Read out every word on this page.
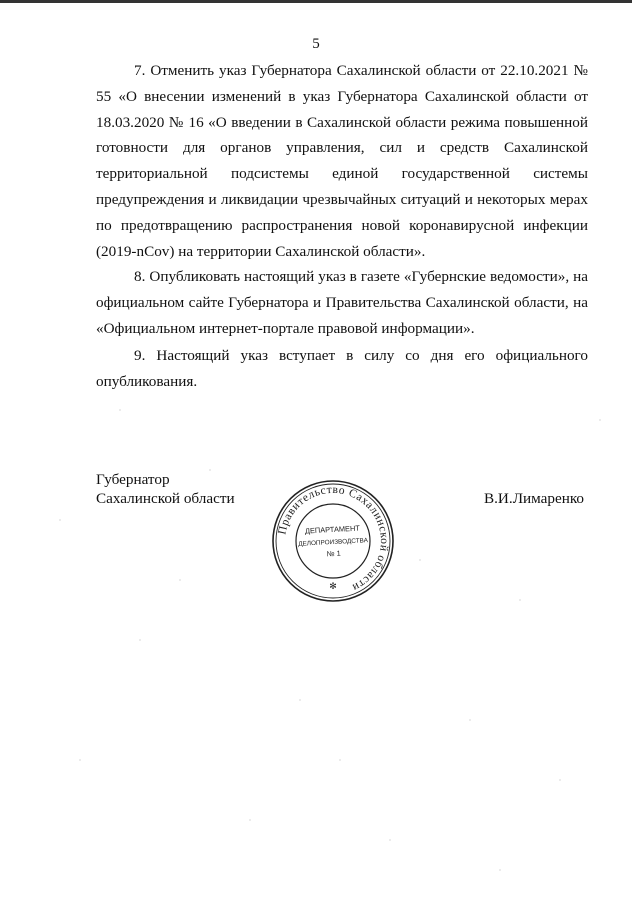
5

7. Отменить указ Губернатора Сахалинской области от 22.10.2021 № 55 «О внесении изменений в указ Губернатора Сахалинской области от 18.03.2020 № 16 «О введении в Сахалинской области режима повышенной готовности для органов управления, сил и средств Сахалинской территориальной подсистемы единой государственной системы предупреждения и ликвидации чрезвычайных ситуаций и некоторых мерах по предотвращению распространения новой коронавирусной инфекции (2019-nCov) на территории Сахалинской области».

8. Опубликовать настоящий указ в газете «Губернские ведомости», на официальном сайте Губернатора и Правительства Сахалинской области, на «Официальном интернет-портале правовой информации».

9. Настоящий указ вступает в силу со дня его официального опубликования.

Губернатор
Сахалинской области	В.И.Лимаренко
Правительство Сахалинской области
✻
ДЕПАРТАМЕНТ
ДЕЛОПРОИЗВОДСТВА
№ 1
